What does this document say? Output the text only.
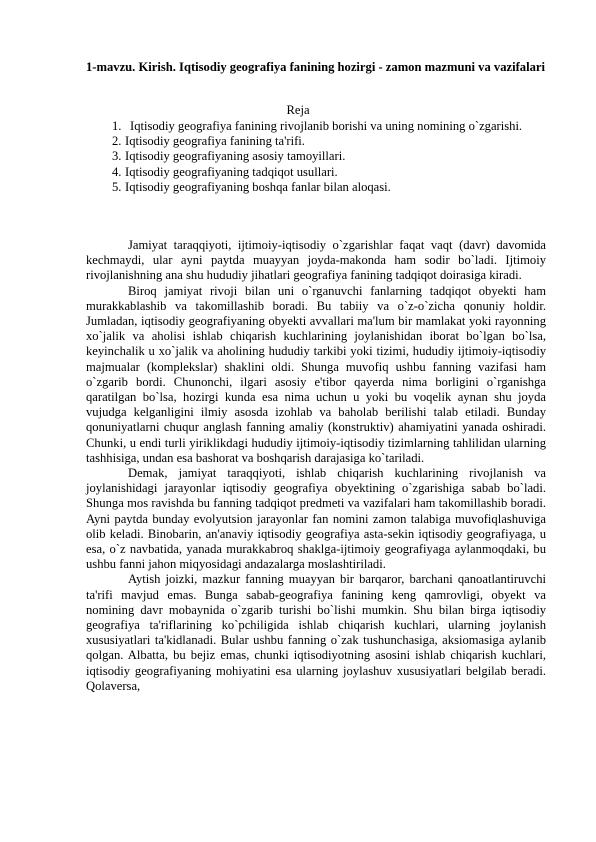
1-mavzu. Kirish. Iqtisodiy geografiya fanining hozirgi - zamon mazmuni va vazifalari
Reja
1. Iqtisodiy geografiya fanining rivojlanib borishi va uning nomining o`zgarishi.
2. Iqtisodiy geografiya fanining ta'rifi.
3. Iqtisodiy geografiyaning asosiy tamoyillari.
4. Iqtisodiy geografiyaning tadqiqot usullari.
5. Iqtisodiy geografiyaning boshqa fanlar bilan aloqasi.

Jamiyat taraqqiyoti, ijtimoiy-iqtisodiy o`zgarishlar faqat vaqt (davr) davomida kechmaydi, ular ayni paytda muayyan joyda-makonda ham sodir bo`ladi. Ijtimoiy rivojlanishning ana shu hududiy jihatlari geografiya fanining tadqiqot doirasiga kiradi.

Biroq jamiyat rivoji bilan uni o`rganuvchi fanlarning tadqiqot obyekti ham murakkablashib va takomillashib boradi. Bu tabiiy va o`z-o`zicha qonuniy holdir. Jumladan, iqtisodiy geografiyaning obyekti avvallari ma'lum bir mamlakat yoki rayonning xo`jalik va aholisi ishlab chiqarish kuchlarining joylanishidan iborat bo`lgan bo`lsa, keyinchalik u xo`jalik va aholining hududiy tarkibi yoki tizimi, hududiy ijtimoiy-iqtisodiy majmualar (komplekslar) shaklini oldi. Shunga muvofiq ushbu fanning vazifasi ham o`zgarib bordi. Chunonchi, ilgari asosiy e'tibor qayerda nima borligini o`rganishga qaratilgan bo`lsa, hozirgi kunda esa nima uchun u yoki bu voqelik aynan shu joyda vujudga kelganligini ilmiy asosda izohlab va baholab berilishi talab etiladi. Bunday qonuniyatlarni chuqur anglash fanning amaliy (konstruktiv) ahamiyatini yanada oshiradi. Chunki, u endi turli yiriklikdagi hududiy ijtimoiy-iqtisodiy tizimlarning tahlilidan ularning tashhisiga, undan esa bashorat va boshqarish darajasiga ko`tariladi.

Demak, jamiyat taraqqiyoti, ishlab chiqarish kuchlarining rivojlanish va joylanishidagi jarayonlar iqtisodiy geografiya obyektining o`zgarishiga sabab bo`ladi. Shunga mos ravishda bu fanning tadqiqot predmeti va vazifalari ham takomillashib boradi. Ayni paytda bunday evolyutsion jarayonlar fan nomini zamon talabiga muvofiqlashuviga olib keladi. Binobarin, an'anaviy iqtisodiy geografiya asta-sekin iqtisodiy geografiyaga, u esa, o`z navbatida, yanada murakkabroq shaklga-ijtimoiy geografiyaga aylanmoqdaki, bu ushbu fanni jahon miqyosidagi andazalarga moslashtiriladi.

Aytish joizki, mazkur fanning muayyan bir barqaror, barchani qanoatlantiruvchi ta'rifi mavjud emas. Bunga sabab-geografiya fanining keng qamrovligi, obyekt va nomining davr mobaynida o`zgarib turishi bo`lishi mumkin. Shu bilan birga iqtisodiy geografiya ta'riflarining ko`pchiligida ishlab chiqarish kuchlari, ularning joylanish xususiyatlari ta'kidlanadi. Bular ushbu fanning o`zak tushunchasiga, aksiomasiga aylanib qolgan. Albatta, bu bejiz emas, chunki iqtisodiyotning asosini ishlab chiqarish kuchlari, iqtisodiy geografiyaning mohiyatini esa ularning joylashuv xususiyatlari belgilab beradi. Qolaversa,
